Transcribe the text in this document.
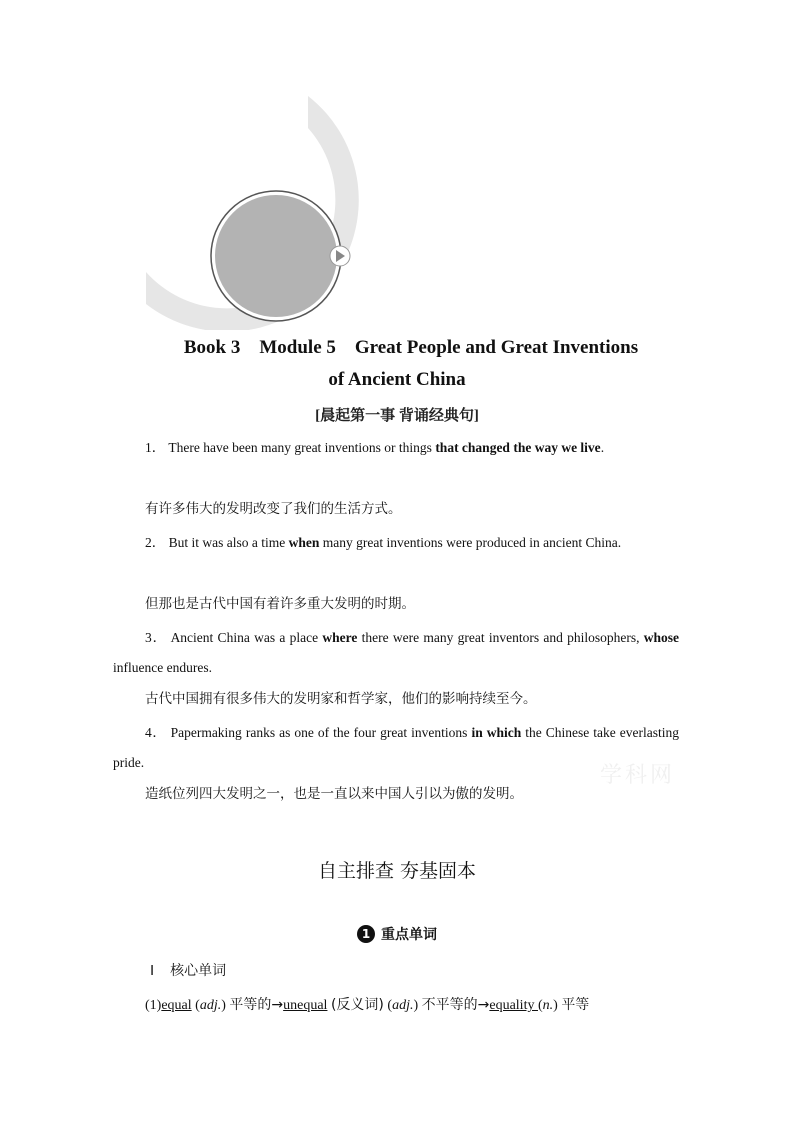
Book 3　Module 5　Great People and Great Inventions
of Ancient China
[晨起第一事 背诵经典句]
1． There have been many great inventions or things that changed the way we live.
有许多伟大的发明改变了我们的生活方式。
2． But it was also a time when many great inventions were produced in ancient China.
但那也是古代中国有着许多重大发明的时期。
3． Ancient China was a place where there were many great inventors and philosophers, whose influence endures.
古代中国拥有很多伟大的发明家和哲学家，他们的影响持续至今。
4． Papermaking ranks as one of the four great inventions in which the Chinese take everlasting pride.
造纸位列四大发明之一，也是一直以来中国人引以为傲的发明。
学科网
自主排查 夯基固本
1 重点单词
Ⅰ 核心单词
(1)equal (adj.) 平等的→unequal (反义词) (adj.) 不平等的→equality (n.) 平等
